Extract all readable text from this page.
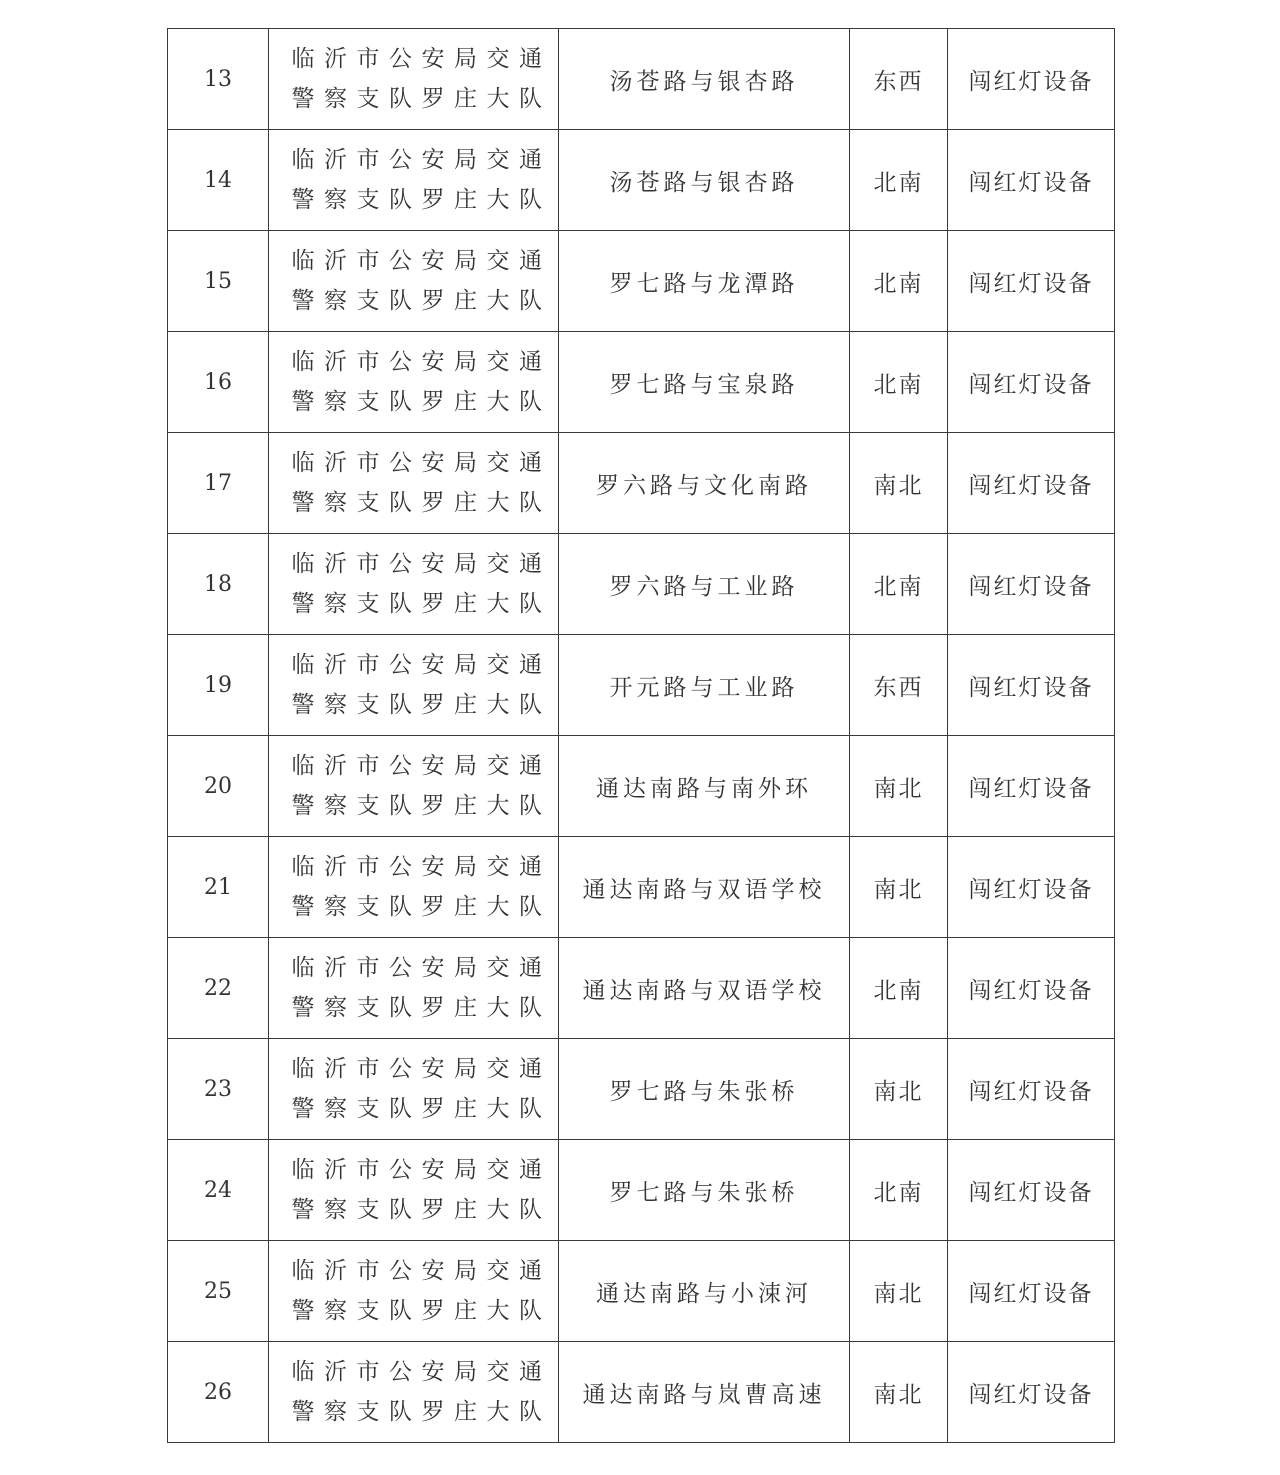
13	临沂市公安局交通
警察支队罗庄大队	汤苍路与银杏路	东西	闯红灯设备
14	临沂市公安局交通
警察支队罗庄大队	汤苍路与银杏路	北南	闯红灯设备
15	临沂市公安局交通
警察支队罗庄大队	罗七路与龙潭路	北南	闯红灯设备
16	临沂市公安局交通
警察支队罗庄大队	罗七路与宝泉路	北南	闯红灯设备
17	临沂市公安局交通
警察支队罗庄大队	罗六路与文化南路	南北	闯红灯设备
18	临沂市公安局交通
警察支队罗庄大队	罗六路与工业路	北南	闯红灯设备
19	临沂市公安局交通
警察支队罗庄大队	开元路与工业路	东西	闯红灯设备
20	临沂市公安局交通
警察支队罗庄大队	通达南路与南外环	南北	闯红灯设备
21	临沂市公安局交通
警察支队罗庄大队	通达南路与双语学校	南北	闯红灯设备
22	临沂市公安局交通
警察支队罗庄大队	通达南路与双语学校	北南	闯红灯设备
23	临沂市公安局交通
警察支队罗庄大队	罗七路与朱张桥	南北	闯红灯设备
24	临沂市公安局交通
警察支队罗庄大队	罗七路与朱张桥	北南	闯红灯设备
25	临沂市公安局交通
警察支队罗庄大队	通达南路与小涑河	南北	闯红灯设备
26	临沂市公安局交通
警察支队罗庄大队	通达南路与岚曹高速	南北	闯红灯设备
